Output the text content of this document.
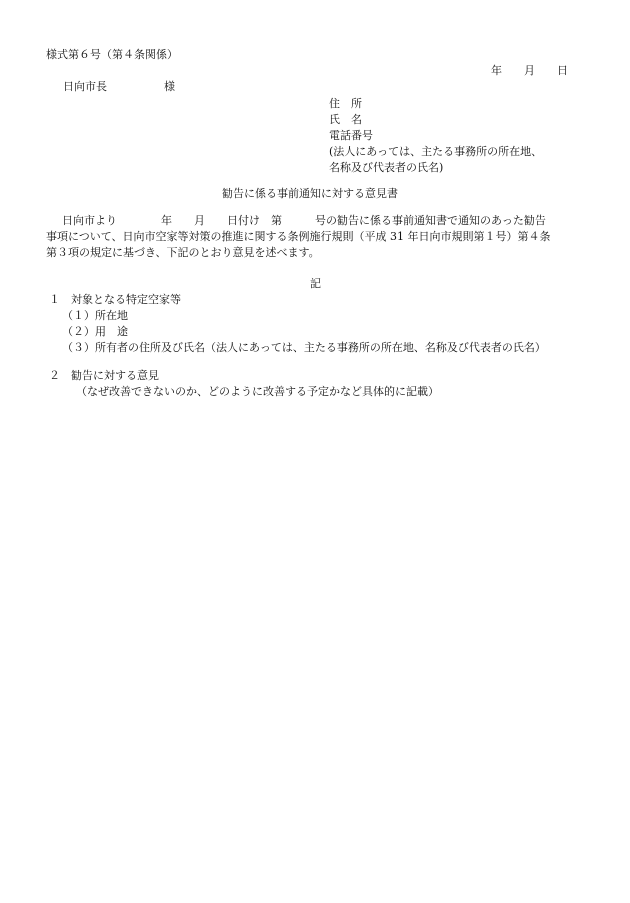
様式第６号（第４条関係）
年　　月　　日
日向市長	様
住　所
氏　名
電話番号
(法人にあっては、主たる事務所の所在地、
名称及び代表者の氏名)
勧告に係る事前通知に対する意見書
日向市より　　　　年　　月　　日付け　第　　　号の勧告に係る事前通知書で通知のあった勧告
事項について、日向市空家等対策の推進に関する条例施行規則（平成 31 年日向市規則第１号）第４条
第３項の規定に基づき、下記のとおり意見を述べます。
記
１　対象となる特定空家等
（１）所在地
（２）用　途
（３）所有者の住所及び氏名（法人にあっては、主たる事務所の所在地、名称及び代表者の氏名）
２　勧告に対する意見
（なぜ改善できないのか、どのように改善する予定かなど具体的に記載）
